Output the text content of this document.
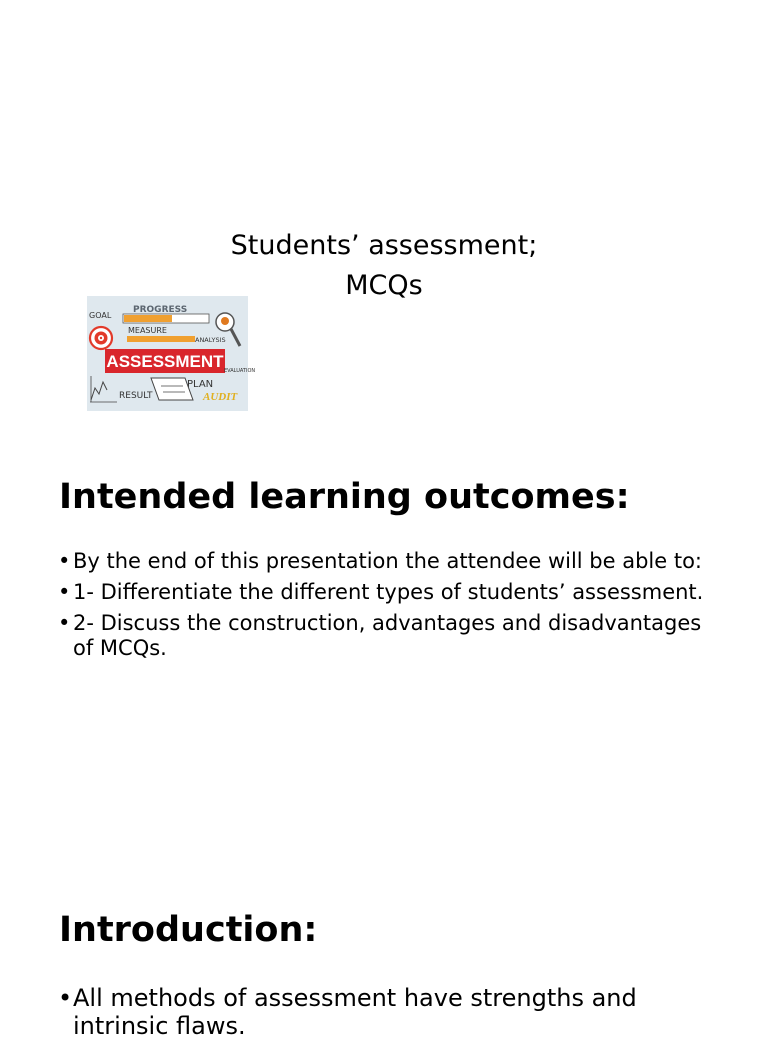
Students’ assessment;
MCQs
PROGRESS
GOAL
MEASURE
ANALYSIS
ASSESSMENT EVALUATION
PLAN
RESULT	AUDIT
Intended learning outcomes:
• By the end of this presentation the attendee will be able to:
• 1- Differentiate the different types of students’ assessment.
• 2- Discuss the construction, advantages and disadvantages of MCQs.
Introduction:
• All methods of assessment have strengths and intrinsic flaws.
